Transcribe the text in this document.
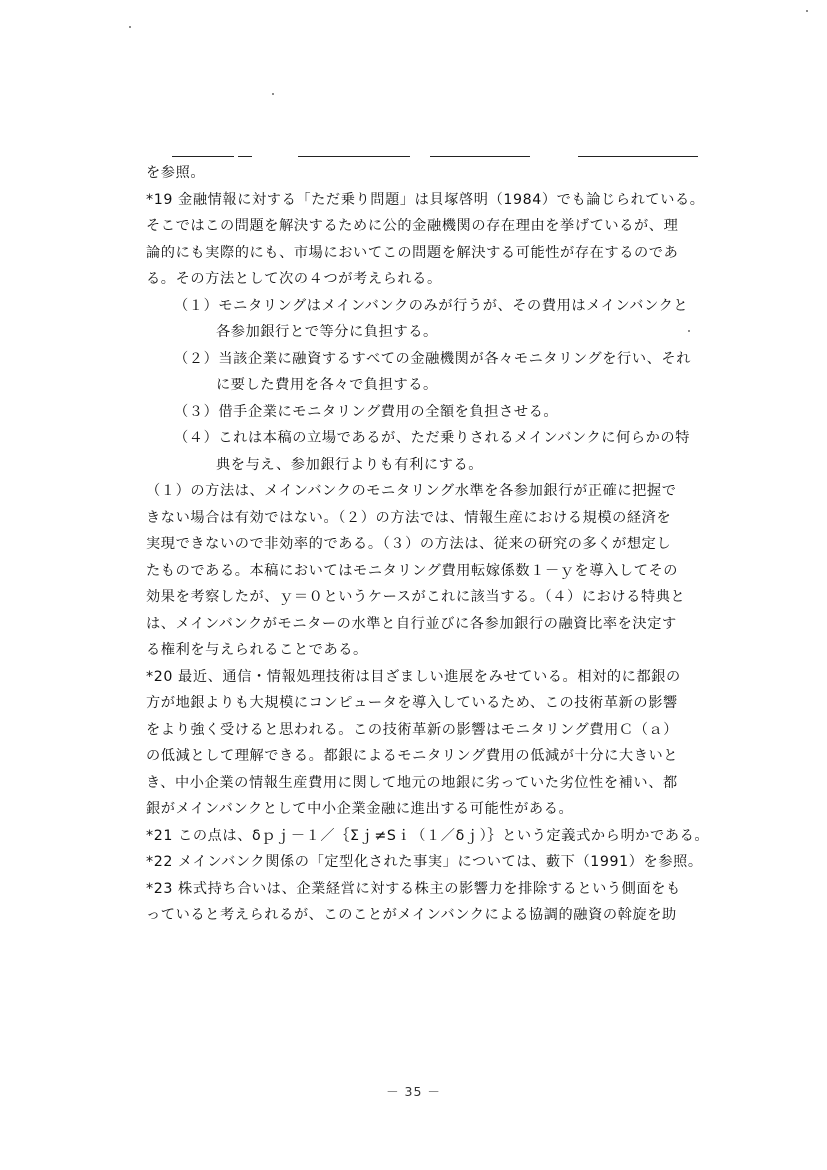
を参照。
*19 金融情報に対する「ただ乗り問題」は貝塚啓明（1984）でも論じられている。
そこではこの問題を解決するために公的金融機関の存在理由を挙げているが、理
論的にも実際的にも、市場においてこの問題を解決する可能性が存在するのであ
る。その方法として次の４つが考えられる。
（１）モニタリングはメインバンクのみが行うが、その費用はメインバンクと
各参加銀行とで等分に負担する。
（２）当該企業に融資するすべての金融機関が各々モニタリングを行い、それ
に要した費用を各々で負担する。
（３）借手企業にモニタリング費用の全額を負担させる。
（４）これは本稿の立場であるが、ただ乗りされるメインバンクに何らかの特
典を与え、参加銀行よりも有利にする。
（１）の方法は、メインバンクのモニタリング水準を各参加銀行が正確に把握で
きない場合は有効ではない。（２）の方法では、情報生産における規模の経済を
実現できないので非効率的である。（３）の方法は、従来の研究の多くが想定し
たものである。本稿においてはモニタリング費用転嫁係数１－ｙを導入してその
効果を考察したが、ｙ＝０というケースがこれに該当する。（４）における特典と
は、メインバンクがモニターの水準と自行並びに各参加銀行の融資比率を決定す
る権利を与えられることである。
*20 最近、通信・情報処理技術は目ざましい進展をみせている。相対的に都銀の
方が地銀よりも大規模にコンピュータを導入しているため、この技術革新の影響
をより強く受けると思われる。この技術革新の影響はモニタリング費用Ｃ（ａ）
の低減として理解できる。都銀によるモニタリング費用の低減が十分に大きいと
き、中小企業の情報生産費用に関して地元の地銀に劣っていた劣位性を補い、都
銀がメインバンクとして中小企業金融に進出する可能性がある。
*21 この点は、δｐｊ－１／｛Σｊ≠Sｉ（１／δｊ）｝という定義式から明かである。
*22 メインバンク関係の「定型化された事実」については、藪下（1991）を参照。
*23 株式持ち合いは、企業経営に対する株主の影響力を排除するという側面をも
っていると考えられるが、このことがメインバンクによる協調的融資の斡旋を助
－ 35 －
